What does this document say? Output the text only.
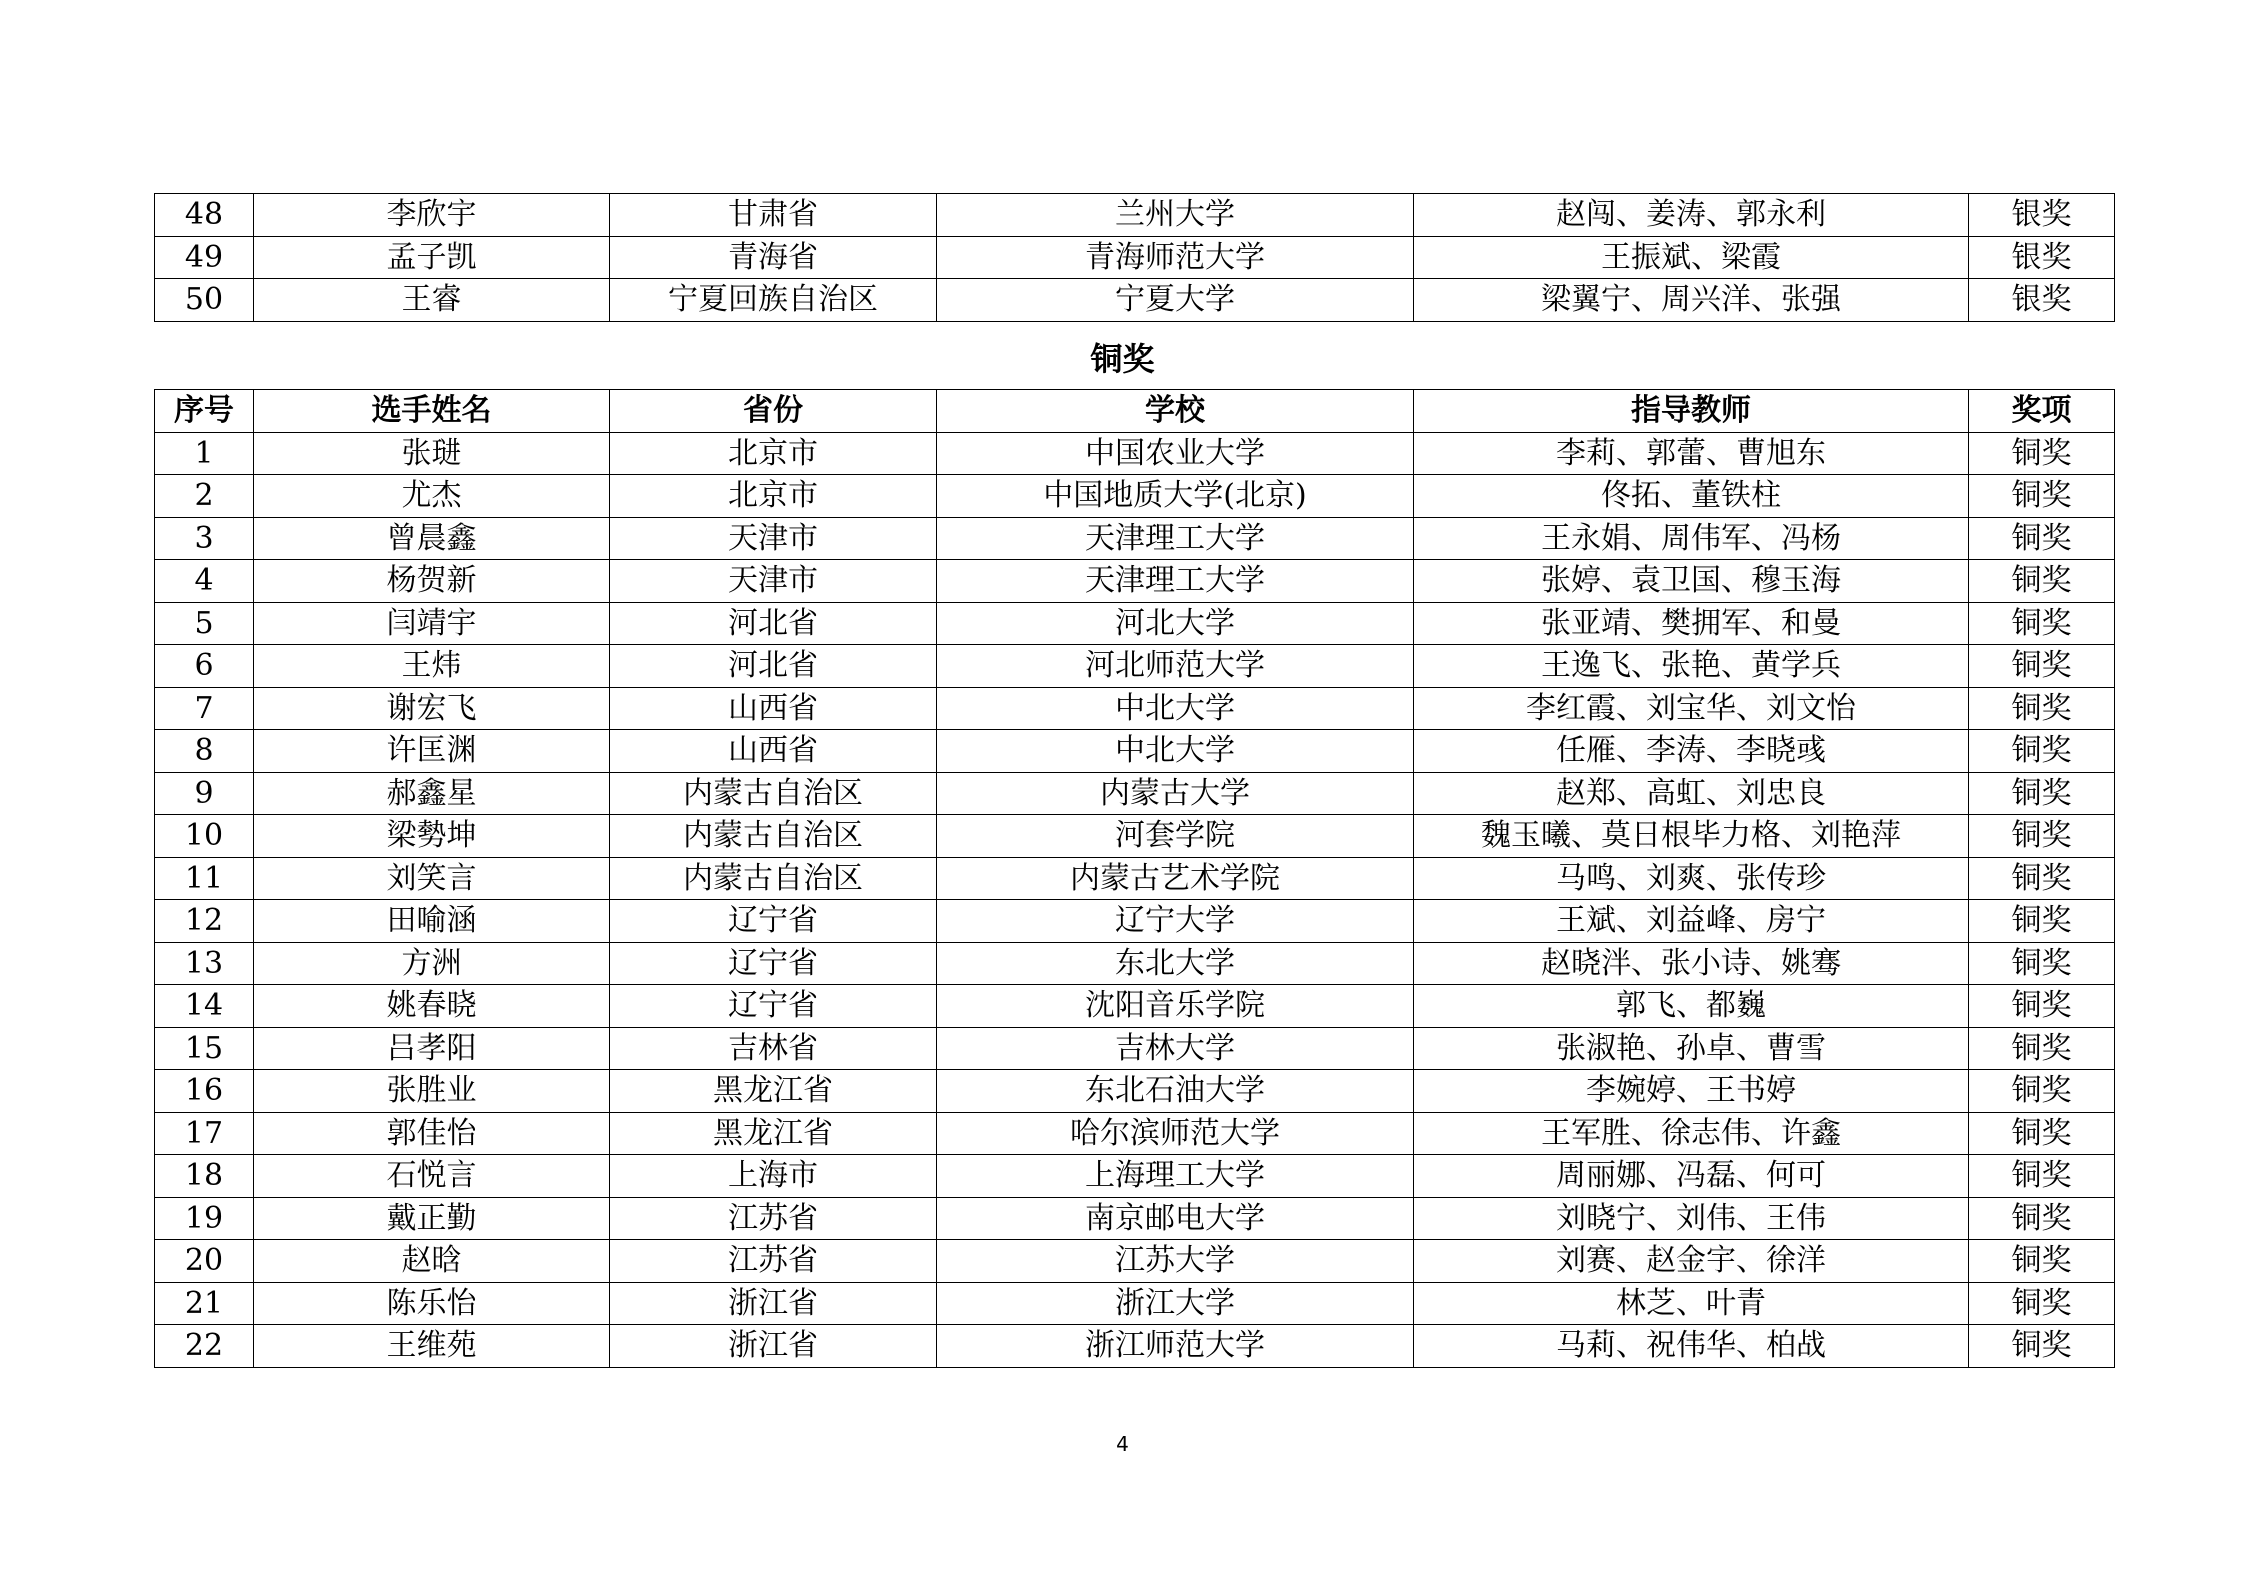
48	李欣宇	甘肃省	兰州大学	赵闯、姜涛、郭永利	银奖
49	孟子凯	青海省	青海师范大学	王振斌、梁霞	银奖
50	王睿	宁夏回族自治区	宁夏大学	梁翼宁、周兴洋、张强	银奖
铜奖
序号	选手姓名	省份	学校	指导教师	奖项
1	张琎	北京市	中国农业大学	李莉、郭蕾、曹旭东	铜奖
2	尤杰	北京市	中国地质大学(北京)	佟拓、董铁柱	铜奖
3	曾晨鑫	天津市	天津理工大学	王永娟、周伟军、冯杨	铜奖
4	杨贺新	天津市	天津理工大学	张婷、袁卫国、穆玉海	铜奖
5	闫靖宇	河北省	河北大学	张亚靖、樊拥军、和曼	铜奖
6	王炜	河北省	河北师范大学	王逸飞、张艳、黄学兵	铜奖
7	谢宏飞	山西省	中北大学	李红霞、刘宝华、刘文怡	铜奖
8	许匡渊	山西省	中北大学	任雁、李涛、李晓彧	铜奖
9	郝鑫星	内蒙古自治区	内蒙古大学	赵郑、高虹、刘忠良	铜奖
10	梁勢坤	内蒙古自治区	河套学院	魏玉曦、莫日根毕力格、刘艳萍	铜奖
11	刘笑言	内蒙古自治区	内蒙古艺术学院	马鸣、刘爽、张传珍	铜奖
12	田喻涵	辽宁省	辽宁大学	王斌、刘益峰、房宁	铜奖
13	方洲	辽宁省	东北大学	赵晓泮、张小诗、姚骞	铜奖
14	姚春晓	辽宁省	沈阳音乐学院	郭飞、都巍	铜奖
15	吕孝阳	吉林省	吉林大学	张淑艳、孙卓、曹雪	铜奖
16	张胜业	黑龙江省	东北石油大学	李婉婷、王书婷	铜奖
17	郭佳怡	黑龙江省	哈尔滨师范大学	王军胜、徐志伟、许鑫	铜奖
18	石悦言	上海市	上海理工大学	周丽娜、冯磊、何可	铜奖
19	戴正勤	江苏省	南京邮电大学	刘晓宁、刘伟、王伟	铜奖
20	赵晗	江苏省	江苏大学	刘赛、赵金宇、徐洋	铜奖
21	陈乐怡	浙江省	浙江大学	林芝、叶青	铜奖
22	王维苑	浙江省	浙江师范大学	马莉、祝伟华、柏战	铜奖
4
